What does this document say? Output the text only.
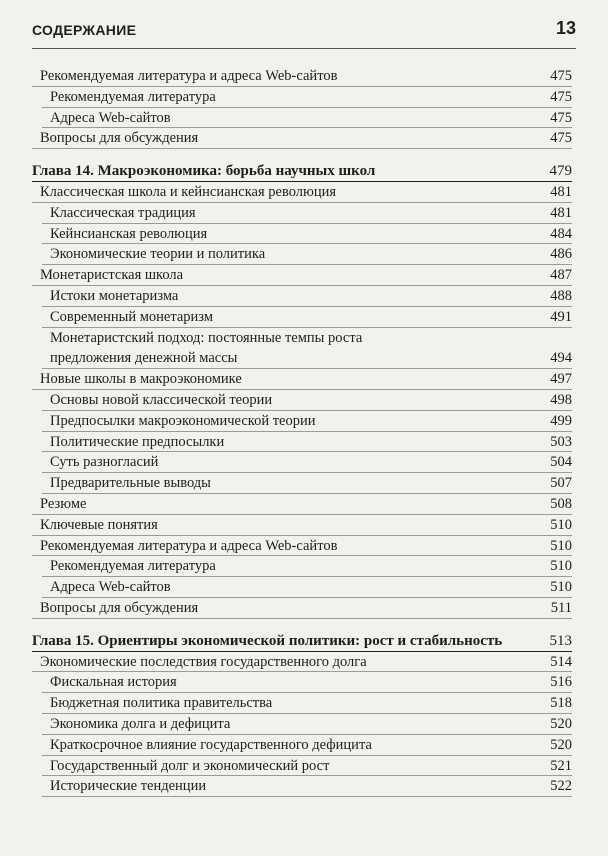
СОДЕРЖАНИЕ	13
Рекомендуемая литература и адреса Web-сайтов	475
Рекомендуемая литература	475
Адреса Web-сайтов	475
Вопросы для обсуждения	475
Глава 14. Макроэкономика: борьба научных школ	479
Классическая школа и кейнсианская революция	481
Классическая традиция	481
Кейнсианская революция	484
Экономические теории и политика	486
Монетаристская школа	487
Истоки монетаризма	488
Современный монетаризм	491
Монетаристский подход: постоянные темпы роста
предложения денежной массы	494
Новые школы в макроэкономике	497
Основы новой классической теории	498
Предпосылки макроэкономической теории	499
Политические предпосылки	503
Суть разногласий	504
Предварительные выводы	507
Резюме	508
Ключевые понятия	510
Рекомендуемая литература и адреса Web-сайтов	510
Рекомендуемая литература	510
Адреса Web-сайтов	510
Вопросы для обсуждения	511
Глава 15. Ориентиры экономической политики: рост и стабильность	513
Экономические последствия государственного долга	514
Фискальная история	516
Бюджетная политика правительства	518
Экономика долга и дефицита	520
Краткосрочное влияние государственного дефицита	520
Государственный долг и экономический рост	521
Исторические тенденции	522
